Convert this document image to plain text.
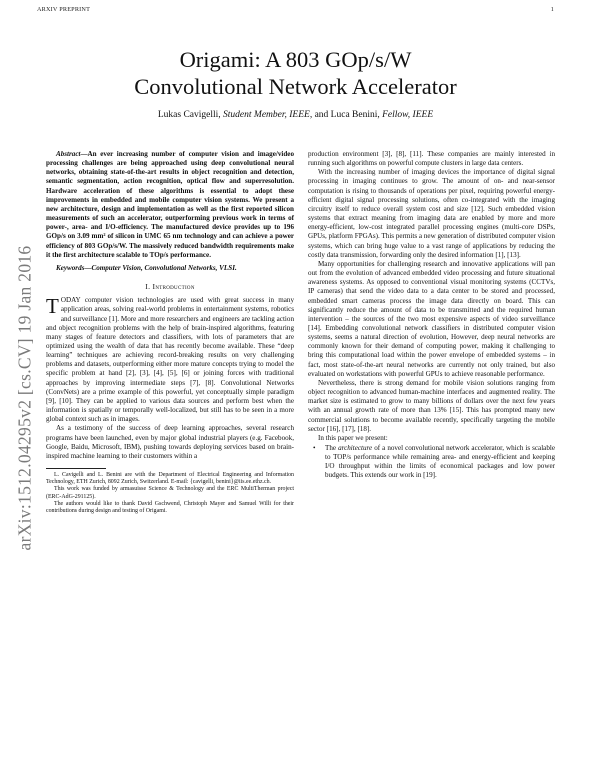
ARXIV PREPRINT	1
arXiv:1512.04295v2 [cs.CV] 19 Jan 2016
Origami: A 803 GOp/s/W
Convolutional Network Accelerator
Lukas Cavigelli, Student Member, IEEE, and Luca Benini, Fellow, IEEE

Abstract—An ever increasing number of computer vision and image/video processing challenges are being approached using deep convolutional neural networks, obtaining state-of-the-art results in object recognition and detection, semantic segmentation, action recognition, optical flow and superresolution. Hardware acceleration of these algorithms is essential to adopt these improvements in embedded and mobile computer vision systems. We present a new architecture, design and implementation as well as the first reported silicon measurements of such an accelerator, outperforming previous work in terms of power-, area- and I/O-efficiency. The manufactured device provides up to 196 GOp/s on 3.09 mm² of silicon in UMC 65 nm technology and can achieve a power efficiency of 803 GOp/s/W. The massively reduced bandwidth requirements make it the first architecture scalable to TOp/s performance.

Keywords—Computer Vision, Convolutional Networks, VLSI.

I. Introduction

TODAY computer vision technologies are used with great success in many application areas, solving real-world problems in entertainment systems, robotics and surveillance [1]. More and more researchers and engineers are tackling action and object recognition problems with the help of brain-inspired algorithms, featuring many stages of feature detectors and classifiers, with lots of parameters that are optimized using the wealth of data that has recently become available. These “deep learning” techniques are achieving record-breaking results on very challenging problems and datasets, outperforming either more mature concepts trying to model the specific problem at hand [2], [3], [4], [5], [6] or joining forces with traditional approaches by improving intermediate steps [7], [8]. Convolutional Networks (ConvNets) are a prime example of this powerful, yet conceptually simple paradigm [9], [10]. They can be applied to various data sources and perform best when the information is spatially or temporally well-localized, but still has to be seen in a more global context such as in images.

As a testimony of the success of deep learning approaches, several research programs have been launched, even by major global industrial players (e.g. Facebook, Google, Baidu, Microsoft, IBM), pushing towards deploying services based on brain-inspired machine learning to their customers within a

L. Cavigelli and L. Benini are with the Department of Electrical Engineering and Information Technology, ETH Zurich, 8092 Zurich, Switzerland. E-mail: {cavigelli, benini}@iis.ee.ethz.ch.

This work was funded by armasuisse Science & Technology and the ERC MultiTherman project (ERC-AdG-291125).

The authors would like to thank David Gschwend, Christoph Mayer and Samuel Willi for their contributions during design and testing of Origami.

production environment [3], [8], [11]. These companies are mainly interested in running such algorithms on powerful compute clusters in large data centers.

With the increasing number of imaging devices the importance of digital signal processing in imaging continues to grow. The amount of on- and near-sensor computation is rising to thousands of operations per pixel, requiring powerful energy-efficient digital signal processing solutions, often co-integrated with the imaging circuitry itself to reduce overall system cost and size [12]. Such embedded vision systems that extract meaning from imaging data are enabled by more and more energy-efficient, low-cost integrated parallel processing engines (multi-core DSPs, GPUs, platform FPGAs). This permits a new generation of distributed computer vision systems, which can bring huge value to a vast range of applications by reducing the costly data transmission, forwarding only the desired information [1], [13].

Many opportunities for challenging research and innovative applications will pan out from the evolution of advanced embedded video processing and future situational awareness systems. As opposed to conventional visual monitoring systems (CCTVs, IP cameras) that send the video data to a data center to be stored and processed, embedded smart cameras process the image data directly on board. This can significantly reduce the amount of data to be transmitted and the required human intervention – the sources of the two most expensive aspects of video surveillance [14]. Embedding convolutional network classifiers in distributed computer vision systems, seems a natural direction of evolution, However, deep neural networks are commonly known for their demand of computing power, making it challenging to bring this computational load within the power envelope of embedded systems – in fact, most state-of-the-art neural networks are currently not only trained, but also evaluated on workstations with powerful GPUs to achieve reasonable performance.

Nevertheless, there is strong demand for mobile vision solutions ranging from object recognition to advanced human-machine interfaces and augmented reality. The market size is estimated to grow to many billions of dollars over the next few years with an annual growth rate of more than 13% [15]. This has prompted many new commercial solutions to become available recently, specifically targeting the mobile sector [16], [17], [18].

In this paper we present:

• The architecture of a novel convolutional network accelerator, which is scalable to TOP/s performance while remaining area- and energy-efficient and keeping I/O throughput within the limits of economical packages and low power budgets. This extends our work in [19].
